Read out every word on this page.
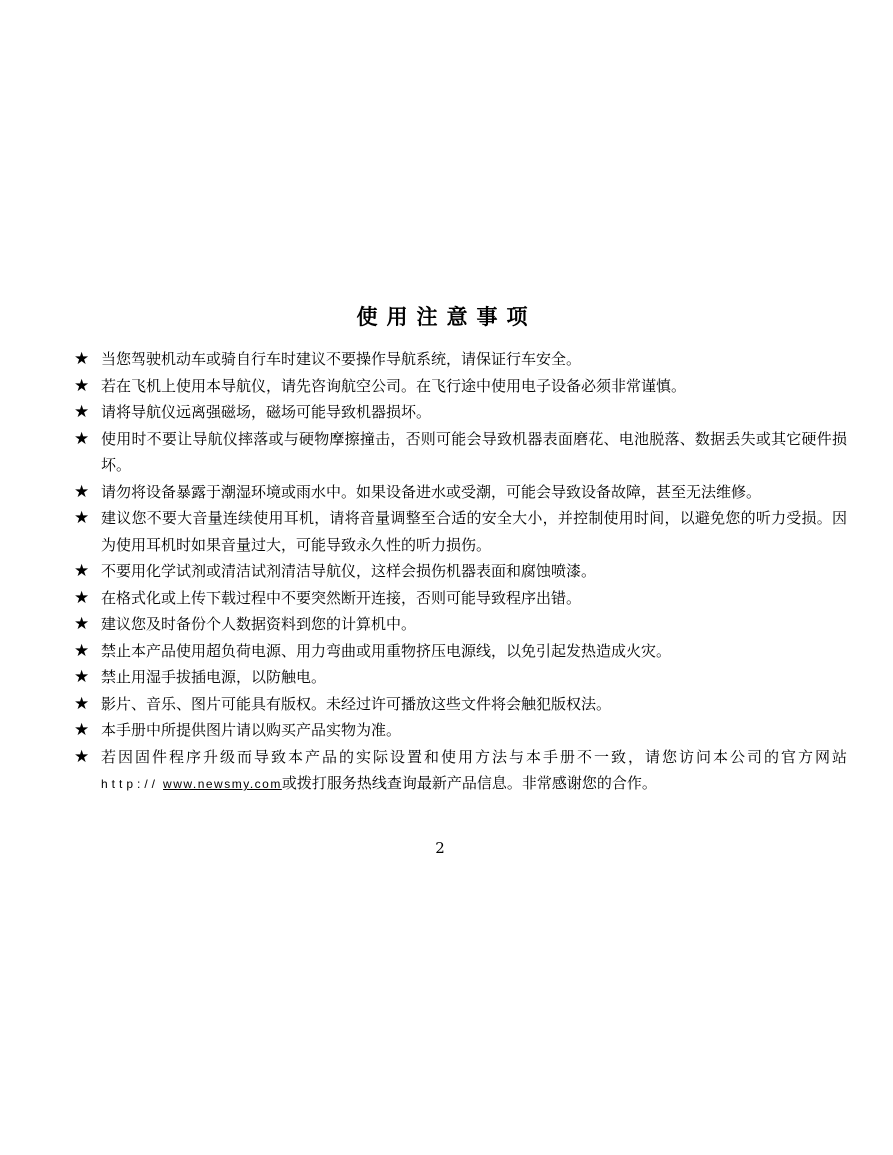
使用注意事项
★ 当您驾驶机动车或骑自行车时建议不要操作导航系统，请保证行车安全。
★ 若在飞机上使用本导航仪，请先咨询航空公司。在飞行途中使用电子设备必须非常谨慎。
★ 请将导航仪远离强磁场，磁场可能导致机器损坏。
★ 使用时不要让导航仪摔落或与硬物摩擦撞击，否则可能会导致机器表面磨花、电池脱落、数据丢失或其它硬件损坏。
★ 请勿将设备暴露于潮湿环境或雨水中。如果设备进水或受潮，可能会导致设备故障，甚至无法维修。
★ 建议您不要大音量连续使用耳机，请将音量调整至合适的安全大小，并控制使用时间，以避免您的听力受损。因为使用耳机时如果音量过大，可能导致永久性的听力损伤。
★ 不要用化学试剂或清洁试剂清洁导航仪，这样会损伤机器表面和腐蚀喷漆。
★ 在格式化或上传下载过程中不要突然断开连接，否则可能导致程序出错。
★ 建议您及时备份个人数据资料到您的计算机中。
★ 禁止本产品使用超负荷电源、用力弯曲或用重物挤压电源线，以免引起发热造成火灾。
★ 禁止用湿手拔插电源，以防触电。
★ 影片、音乐、图片可能具有版权。未经过许可播放这些文件将会触犯版权法。
★ 本手册中所提供图片请以购买产品实物为准。
★ 若因固件程序升级而导致本产品的实际设置和使用方法与本手册不一致，请您访问本公司的官方网站http:// www.newsmy.com或拨打服务热线查询最新产品信息。非常感谢您的合作。
2
